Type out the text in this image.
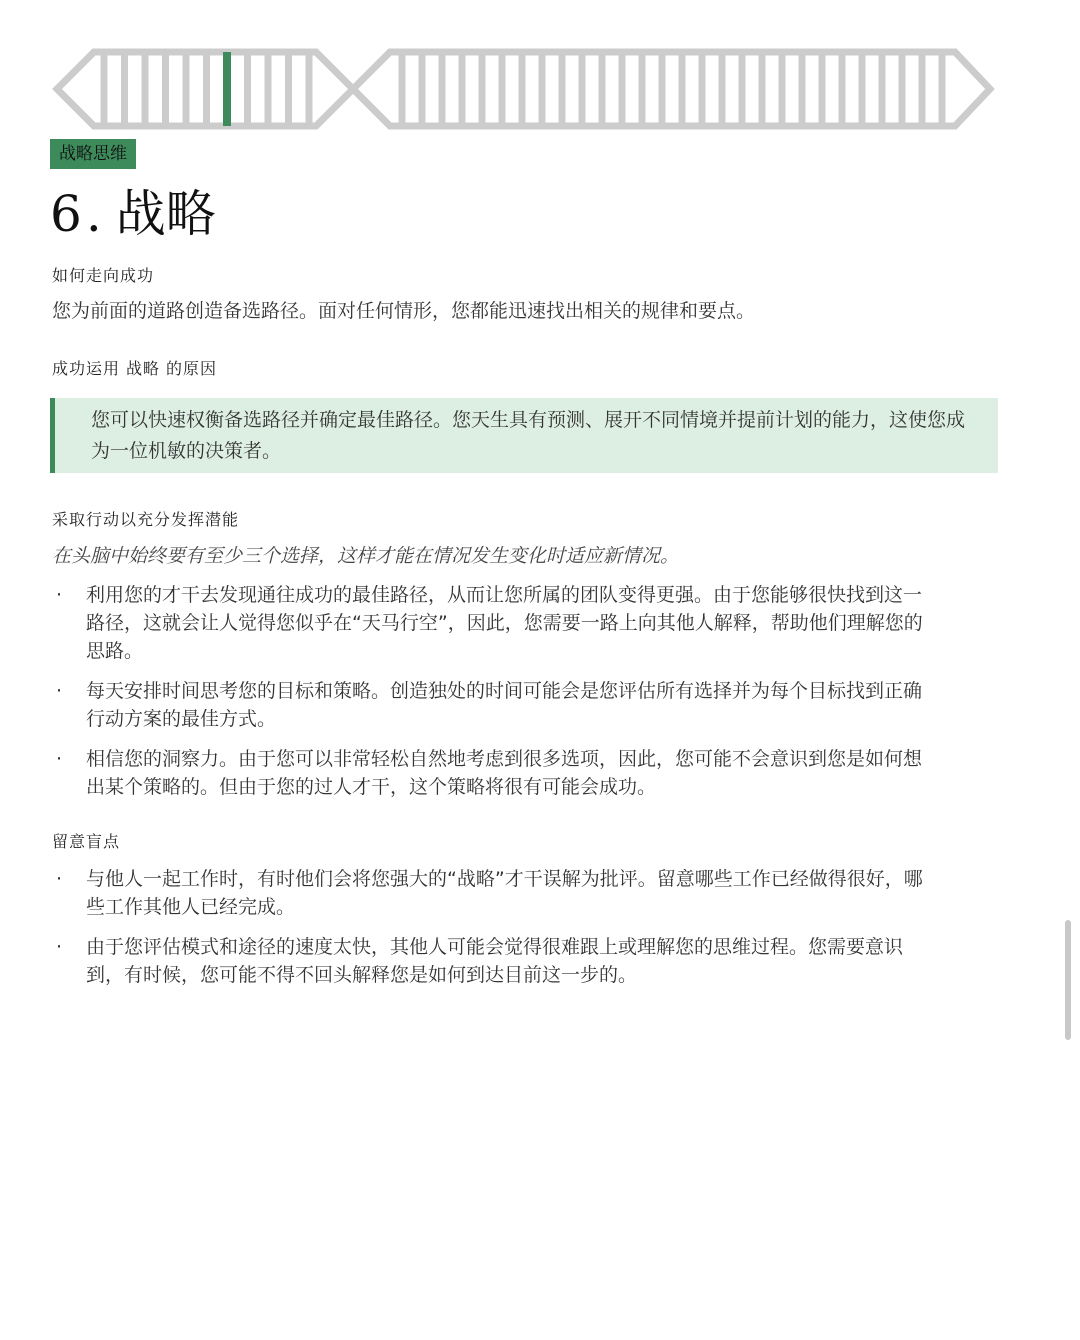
战略思维
6. 战略
如何走向成功

您为前面的道路创造备选路径。面对任何情形，您都能迅速找出相关的规律和要点。

成功运用 战略 的原因
您可以快速权衡备选路径并确定最佳路径。您天生具有预测、展开不同情境并提前计划的能力，这使您成为一位机敏的决策者。
采取行动以充分发挥潜能

在头脑中始终要有至少三个选择，这样才能在情况发生变化时适应新情况。

· 利用您的才干去发现通往成功的最佳路径，从而让您所属的团队变得更强。由于您能够很快找到这一路径，这就会让人觉得您似乎在“天马行空”，因此，您需要一路上向其他人解释，帮助他们理解您的思路。
· 每天安排时间思考您的目标和策略。创造独处的时间可能会是您评估所有选择并为每个目标找到正确行动方案的最佳方式。
· 相信您的洞察力。由于您可以非常轻松自然地考虑到很多选项，因此，您可能不会意识到您是如何想出某个策略的。但由于您的过人才干，这个策略将很有可能会成功。
留意盲点
· 与他人一起工作时，有时他们会将您强大的“战略”才干误解为批评。留意哪些工作已经做得很好，哪些工作其他人已经完成。
· 由于您评估模式和途径的速度太快，其他人可能会觉得很难跟上或理解您的思维过程。您需要意识到，有时候，您可能不得不回头解释您是如何到达目前这一步的。
